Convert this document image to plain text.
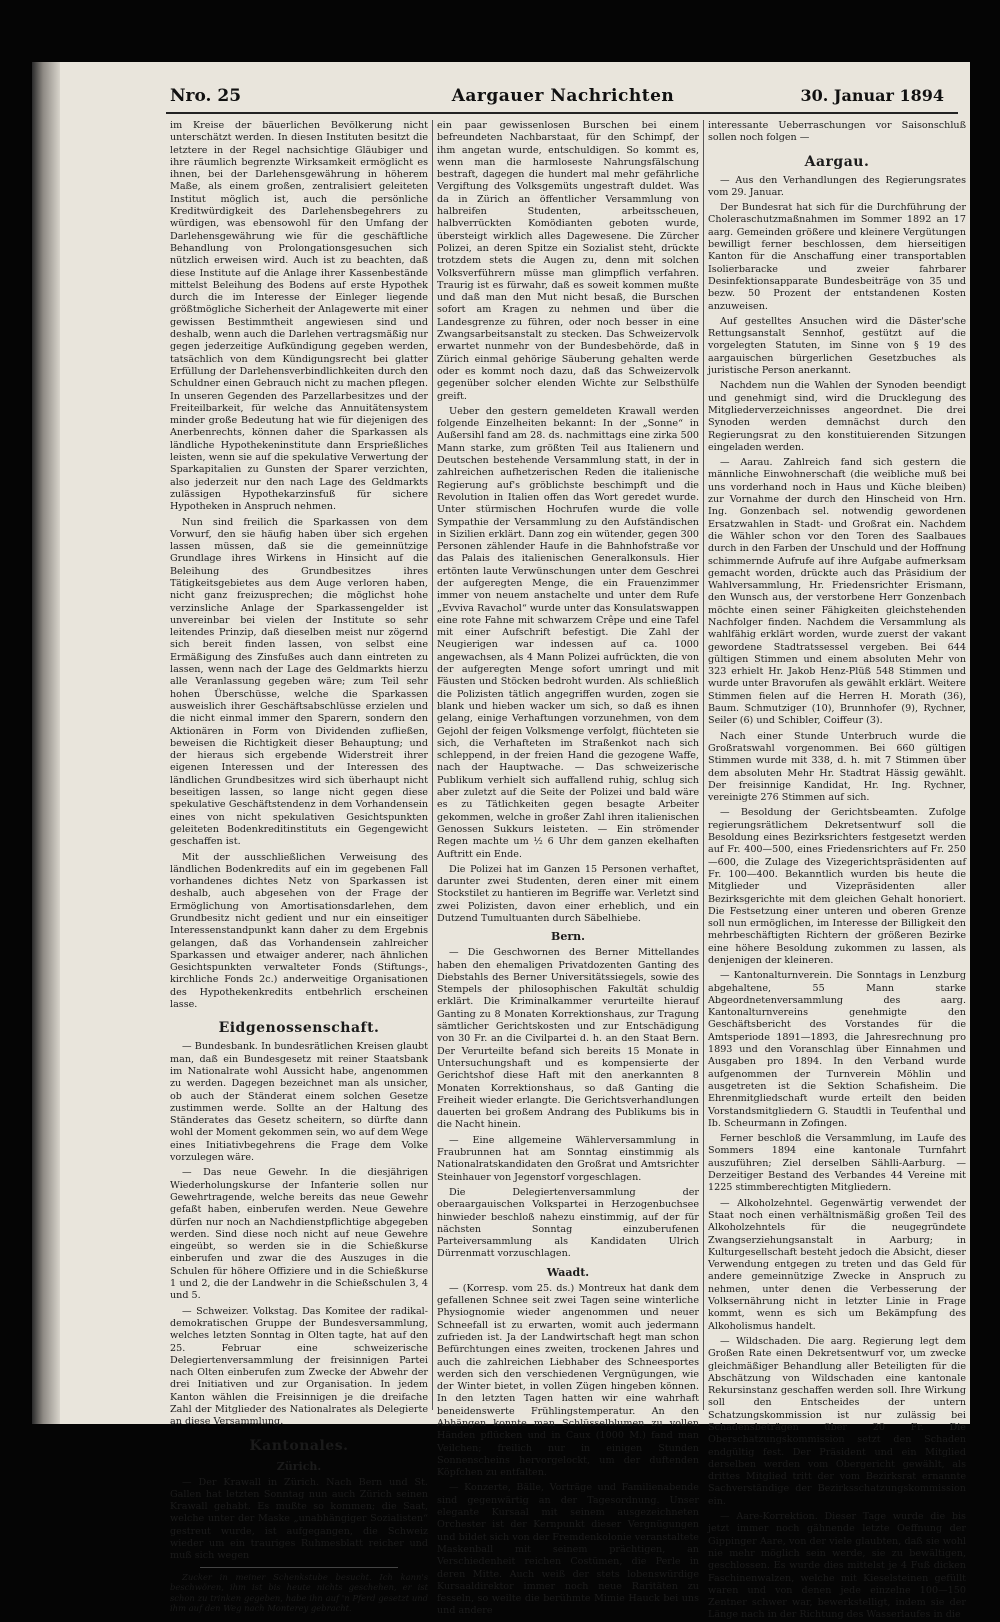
Nro. 25	Aargauer Nachrichten	30. Januar 1894

im Kreise der bäuerlichen Bevölkerung nicht unterschätzt werden. In diesen Instituten besitzt die letztere in der Regel nachsichtige Gläubiger und ihre räumlich begrenzte Wirksamkeit ermöglicht es ihnen, bei der Darlehensgewährung in höherem Maße, als einem großen, zentralisiert geleiteten Institut möglich ist, auch die persönliche Kreditwürdigkeit des Darlehensbegehrers zu würdigen, was ebensowohl für den Umfang der Darlehensgewährung wie für die geschäftliche Behandlung von Prolongationsgesuchen sich nützlich erweisen wird. Auch ist zu beachten, daß diese Institute auf die Anlage ihrer Kassenbestände mittelst Beleihung des Bodens auf erste Hypothek durch die im Interesse der Einleger liegende größtmögliche Sicherheit der Anlagewerte mit einer gewissen Bestimmtheit angewiesen sind und deshalb, wenn auch die Darlehen vertragsmäßig nur gegen jederzeitige Aufkündigung gegeben werden, tatsächlich von dem Kündigungsrecht bei glatter Erfüllung der Darlehensverbindlichkeiten durch den Schuldner einen Gebrauch nicht zu machen pflegen. In unseren Gegenden des Parzellarbesitzes und der Freiteilbarkeit, für welche das Annuitätensystem minder große Bedeutung hat wie für diejenigen des Anerbenrechts, können daher die Sparkassen als ländliche Hypothekeninstitute dann Ersprießliches leisten, wenn sie auf die spekulative Verwertung der Sparkapitalien zu Gunsten der Sparer verzichten, also jederzeit nur den nach Lage des Geldmarkts zulässigen Hypothekarzinsfuß für sichere Hypotheken in Anspruch nehmen.

Nun sind freilich die Sparkassen von dem Vorwurf, den sie häufig haben über sich ergehen lassen müssen, daß sie die gemeinnützige Grundlage ihres Wirkens in Hinsicht auf die Beleihung des Grundbesitzes ihres Tätigkeitsgebietes aus dem Auge verloren haben, nicht ganz freizusprechen; die möglichst hohe verzinsliche Anlage der Sparkassengelder ist unvereinbar bei vielen der Institute so sehr leitendes Prinzip, daß dieselben meist nur zögernd sich bereit finden lassen, von selbst eine Ermäßigung des Zinsfußes auch dann eintreten zu lassen, wenn nach der Lage des Geldmarkts hierzu alle Veranlassung gegeben wäre; zum Teil sehr hohen Überschüsse, welche die Sparkassen ausweislich ihrer Geschäftsabschlüsse erzielen und die nicht einmal immer den Sparern, sondern den Aktionären in Form von Dividenden zufließen, beweisen die Richtigkeit dieser Behauptung; und der hieraus sich ergebende Widerstreit ihrer eigenen Interessen und der Interessen des ländlichen Grundbesitzes wird sich überhaupt nicht beseitigen lassen, so lange nicht gegen diese spekulative Geschäftstendenz in dem Vorhandensein eines von nicht spekulativen Gesichtspunkten geleiteten Bodenkreditinstituts ein Gegengewicht geschaffen ist.

Mit der ausschließlichen Verweisung des ländlichen Bodenkredits auf ein im gegebenen Fall vorhandenes dichtes Netz von Sparkassen ist deshalb, auch abgesehen von der Frage der Ermöglichung von Amortisationsdarlehen, dem Grundbesitz nicht gedient und nur ein einseitiger Interessenstandpunkt kann daher zu dem Ergebnis gelangen, daß das Vorhandensein zahlreicher Sparkassen und etwaiger anderer, nach ähnlichen Gesichtspunkten verwalteter Fonds (Stiftungs-, kirchliche Fonds 2c.) anderweitige Organisationen des Hypothekenkredits entbehrlich erscheinen lasse.

Eidgenossenschaft.

— Bundesbank. In bundesrätlichen Kreisen glaubt man, daß ein Bundesgesetz mit reiner Staatsbank im Nationalrate wohl Aussicht habe, angenommen zu werden. Dagegen bezeichnet man als unsicher, ob auch der Ständerat einem solchen Gesetze zustimmen werde. Sollte an der Haltung des Ständerates das Gesetz scheitern, so dürfte dann wohl der Moment gekommen sein, wo auf dem Wege eines Initiativbegehrens die Frage dem Volke vorzulegen wäre.

— Das neue Gewehr. In die diesjährigen Wiederholungskurse der Infanterie sollen nur Gewehrtragende, welche bereits das neue Gewehr gefaßt haben, einberufen werden. Neue Gewehre dürfen nur noch an Nachdienstpflichtige abgegeben werden. Sind diese noch nicht auf neue Gewehre eingeübt, so werden sie in die Schießkurse einberufen und zwar die des Auszuges in die Schulen für höhere Offiziere und in die Schießkurse 1 und 2, die der Landwehr in die Schießschulen 3, 4 und 5.

— Schweizer. Volkstag. Das Komitee der radikal-demokratischen Gruppe der Bundesversammlung, welches letzten Sonntag in Olten tagte, hat auf den 25. Februar eine schweizerische Delegiertenversammlung der freisinnigen Partei nach Olten einberufen zum Zwecke der Abwehr der drei Initiativen und zur Organisation. In jedem Kanton wählen die Freisinnigen je die dreifache Zahl der Mitglieder des Nationalrates als Delegierte an diese Versammlung.

Kantonales.
Zürich.

— Der Krawall in Zürich. Nach Bern und St. Gallen hat letzten Sonntag nun auch Zürich seinen Krawall gehabt. Es mußte so kommen; die Saat, welche unter der Maske „unabhängiger Sozialisten“ gestreut wurde, ist aufgegangen, die Schweiz wieder um ein trauriges Ruhmesblatt reicher und muß sich wegen

Zucker in meiner Schenkstube besucht. Ich kann's beschwören, ihm ist bis heute nichts geschehen, er ist schon zu trinken gegeben, habe ihn auf 'n Pferd gesetzt und ihm auf den Weg nach Monterey gebracht.

ein paar gewissenlosen Burschen bei einem befreundeten Nachbarstaat, für den Schimpf, der ihm angetan wurde, entschuldigen. So kommt es, wenn man die harmloseste Nahrungsfälschung bestraft, dagegen die hundert mal mehr gefährliche Vergiftung des Volksgemüts ungestraft duldet. Was da in Zürich an öffentlicher Versammlung von halbreifen Studenten, arbeitsscheuen, halbverrückten Komödianten geboten wurde, übersteigt wirklich alles Dagewesene. Die Zürcher Polizei, an deren Spitze ein Sozialist steht, drückte trotzdem stets die Augen zu, denn mit solchen Volksverführern müsse man glimpflich verfahren. Traurig ist es fürwahr, daß es soweit kommen mußte und daß man den Mut nicht besaß, die Burschen sofort am Kragen zu nehmen und über die Landesgrenze zu führen, oder noch besser in eine Zwangsarbeitsanstalt zu stecken. Das Schweizervolk erwartet nunmehr von der Bundesbehörde, daß in Zürich einmal gehörige Säuberung gehalten werde oder es kommt noch dazu, daß das Schweizervolk gegenüber solcher elenden Wichte zur Selbsthülfe greift.

Ueber den gestern gemeldeten Krawall werden folgende Einzelheiten bekannt: In der „Sonne“ in Außersihl fand am 28. ds. nachmittags eine zirka 500 Mann starke, zum größten Teil aus Italienern und Deutschen bestehende Versammlung statt, in der in zahlreichen aufhetzerischen Reden die italienische Regierung auf's gröblichste beschimpft und die Revolution in Italien offen das Wort geredet wurde. Unter stürmischen Hochrufen wurde die volle Sympathie der Versammlung zu den Aufständischen in Sizilien erklärt. Dann zog ein wütender, gegen 300 Personen zählender Haufe in die Bahnhofstraße vor das Palais des italienischen Generalkonsuls. Hier ertönten laute Verwünschungen unter dem Geschrei der aufgeregten Menge, die ein Frauenzimmer immer von neuem anstachelte und unter dem Rufe „Evviva Ravachol“ wurde unter das Konsulatswappen eine rote Fahne mit schwarzem Crêpe und eine Tafel mit einer Aufschrift befestigt. Die Zahl der Neugierigen war indessen auf ca. 1000 angewachsen, als 4 Mann Polizei aufrückten, die von der aufgeregten Menge sofort umringt und mit Fäusten und Stöcken bedroht wurden. Als schließlich die Polizisten tätlich angegriffen wurden, zogen sie blank und hieben wacker um sich, so daß es ihnen gelang, einige Verhaftungen vorzunehmen, von dem Gejohl der feigen Volksmenge verfolgt, flüchteten sie sich, die Verhafteten im Straßenkot nach sich schleppend, in der freien Hand die gezogene Waffe, nach der Hauptwache. — Das schweizerische Publikum verhielt sich auffallend ruhig, schlug sich aber zuletzt auf die Seite der Polizei und bald wäre es zu Tätlichkeiten gegen besagte Arbeiter gekommen, welche in großer Zahl ihren italienischen Genossen Sukkurs leisteten. — Ein strömender Regen machte um ½ 6 Uhr dem ganzen ekelhaften Auftritt ein Ende.

Die Polizei hat im Ganzen 15 Personen verhaftet, darunter zwei Studenten, deren einer mit einem Stockstilet zu hantieren im Begriffe war. Verletzt sind zwei Polizisten, davon einer erheblich, und ein Dutzend Tumultuanten durch Säbelhiebe.

Bern.

— Die Geschwornen des Berner Mittellandes haben den ehemaligen Privatdozenten Ganting des Diebstahls des Berner Universitätssiegels, sowie des Stempels der philosophischen Fakultät schuldig erklärt. Die Kriminalkammer verurteilte hierauf Ganting zu 8 Monaten Korrektionshaus, zur Tragung sämtlicher Gerichtskosten und zur Entschädigung von 30 Fr. an die Civilpartei d. h. an den Staat Bern. Der Verurteilte befand sich bereits 15 Monate in Untersuchungshaft und es kompensierte der Gerichtshof diese Haft mit den anerkannten 8 Monaten Korrektionshaus, so daß Ganting die Freiheit wieder erlangte. Die Gerichtsverhandlungen dauerten bei großem Andrang des Publikums bis in die Nacht hinein.

— Eine allgemeine Wählerversammlung in Fraubrunnen hat am Sonntag einstimmig als Nationalratskandidaten den Großrat und Amtsrichter Steinhauer von Jegenstorf vorgeschlagen.

Die Delegiertenversammlung der oberaargauischen Volkspartei in Herzogenbuchsee hinwieder beschloß nahezu einstimmig, auf der für nächsten Sonntag einzuberufenen Parteiversammlung als Kandidaten Ulrich Dürrenmatt vorzuschlagen.

Waadt.

— (Korresp. vom 25. ds.) Montreux hat dank dem gefallenen Schnee seit zwei Tagen seine winterliche Physiognomie wieder angenommen und neuer Schneefall ist zu erwarten, womit auch jedermann zufrieden ist. Ja der Landwirtschaft hegt man schon Befürchtungen eines zweiten, trockenen Jahres und auch die zahlreichen Liebhaber des Schneesportes werden sich den verschiedenen Vergnügungen, wie der Winter bietet, in vollen Zügen hingeben können. In den letzten Tagen hatten wir eine wahrhaft beneidenswerte Frühlingstemperatur. An den Abhängen konnte man Schlüsselblumen zu vollen Händen pflücken und in Caux (1000 M.) fand man Veilchen; freilich nur in einigen Stunden Sonnenscheins hervorgelockt, um der duftenden Köpfchen zu entfalten.

— Konzerte, Bälle, Vorträge und Familienabende sind gegenwärtig an der Tagesordnung. Unser elegante Kursaal mit seinem ausgezeichneten Orchester ist der Kernpunkt dieser Vergnügungen und bildet sich von der Fremdenkolonie veranstaltete Maskenball mit seinem prächtigen, an Verschiedenheit reichen Costümen, die Perle in deren Mitte. Auch weiß der stets lobenswürdige Kursaaldirektor immer noch neue Raritäten zu fesseln, so weilte die berühmte Mimie Hauck bei uns und andere

interessante Ueberraschungen vor Saisonschluß sollen noch folgen —

Aargau.

— Aus den Verhandlungen des Regierungsrates vom 29. Januar.

Der Bundesrat hat sich für die Durchführung der Choleraschutzmaßnahmen im Sommer 1892 an 17 aarg. Gemeinden größere und kleinere Vergütungen bewilligt ferner beschlossen, dem hierseitigen Kanton für die Anschaffung einer transportablen Isolierbaracke und zweier fahrbarer Desinfektionsapparate Bundesbeiträge von 35 und bezw. 50 Prozent der entstandenen Kosten anzuweisen.

Auf gestelltes Ansuchen wird die Däster'sche Rettungsanstalt Sennhof, gestützt auf die vorgelegten Statuten, im Sinne von § 19 des aargauischen bürgerlichen Gesetzbuches als juristische Person anerkannt.

Nachdem nun die Wahlen der Synoden beendigt und genehmigt sind, wird die Drucklegung des Mitgliederverzeichnisses angeordnet. Die drei Synoden werden demnächst durch den Regierungsrat zu den konstituierenden Sitzungen eingeladen werden.

— Aarau. Zahlreich fand sich gestern die männliche Einwohnerschaft (die weibliche muß bei uns vorderhand noch in Haus und Küche bleiben) zur Vornahme der durch den Hinscheid von Hrn. Ing. Gonzenbach sel. notwendig gewordenen Ersatzwahlen in Stadt- und Großrat ein. Nachdem die Wähler schon vor den Toren des Saalbaues durch in den Farben der Unschuld und der Hoffnung schimmernde Aufrufe auf ihre Aufgabe aufmerksam gemacht worden, drückte auch das Präsidium der Wahlversammlung, Hr. Friedensrichter Erismann, den Wunsch aus, der verstorbene Herr Gonzenbach möchte einen seiner Fähigkeiten gleichstehenden Nachfolger finden. Nachdem die Versammlung als wahlfähig erklärt worden, wurde zuerst der vakant gewordene Stadtratssessel vergeben. Bei 644 gültigen Stimmen und einem absoluten Mehr von 323 erhielt Hr. Jakob Henz-Plüß 548 Stimmen und wurde unter Bravorufen als gewählt erklärt. Weitere Stimmen fielen auf die Herren H. Morath (36), Baum. Schmutziger (10), Brunnhofer (9), Rychner, Seiler (6) und Schibler, Coiffeur (3).

Nach einer Stunde Unterbruch wurde die Großratswahl vorgenommen. Bei 660 gültigen Stimmen wurde mit 338, d. h. mit 7 Stimmen über dem absoluten Mehr Hr. Stadtrat Hässig gewählt. Der freisinnige Kandidat, Hr. Ing. Rychner, vereinigte 276 Stimmen auf sich.

— Besoldung der Gerichtsbeamten. Zufolge regierungsrätlichem Dekretsentwurf soll die Besoldung eines Bezirksrichters festgesetzt werden auf Fr. 400—500, eines Friedensrichters auf Fr. 250—600, die Zulage des Vizegerichtspräsidenten auf Fr. 100—400. Bekanntlich wurden bis heute die Mitglieder und Vizepräsidenten aller Bezirksgerichte mit dem gleichen Gehalt honoriert. Die Festsetzung einer unteren und oberen Grenze soll nun ermöglichen, im Interesse der Billigkeit den mehrbeschäftigten Richtern der größeren Bezirke eine höhere Besoldung zukommen zu lassen, als denjenigen der kleineren.

— Kantonalturnverein. Die Sonntags in Lenzburg abgehaltene, 55 Mann starke Abgeordnetenversammlung des aarg. Kantonalturnvereins genehmigte den Geschäftsbericht des Vorstandes für die Amtsperiode 1891—1893, die Jahresrechnung pro 1893 und den Voranschlag über Einnahmen und Ausgaben pro 1894. In den Verband wurde aufgenommen der Turnverein Möhlin und ausgetreten ist die Sektion Schafisheim. Die Ehrenmitgliedschaft wurde erteilt den beiden Vorstandsmitgliedern G. Staudtli in Teufenthal und Ib. Scheurmann in Zofingen.

Ferner beschloß die Versammlung, im Laufe des Sommers 1894 eine kantonale Turnfahrt auszuführen; Ziel derselben Sählli-Aarburg. — Derzeitiger Bestand des Verbandes 44 Vereine mit 1225 stimmberechtigten Mitgliedern.

— Alkoholzehntel. Gegenwärtig verwendet der Staat noch einen verhältnismäßig großen Teil des Alkoholzehntels für die neugegründete Zwangserziehungsanstalt in Aarburg; in Kulturgesellschaft besteht jedoch die Absicht, dieser Verwendung entgegen zu treten und das Geld für andere gemeinnützige Zwecke in Anspruch zu nehmen, unter denen die Verbesserung der Volksernährung nicht in letzter Linie in Frage kommt, wenn es sich um Bekämpfung des Alkoholismus handelt.

— Wildschaden. Die aarg. Regierung legt dem Großen Rate einen Dekretsentwurf vor, um zwecke gleichmäßiger Behandlung aller Beteiligten für die Abschätzung von Wildschaden eine kantonale Rekursinstanz geschaffen werden soll. Ihre Wirkung soll den Entscheides der untern Schatzungskommission ist nur zulässig bei Schadensbeträgen über 20 Fr. Die Oberschatzungskommission setzt den Schaden endgültig fest. Der Präsident und ein Mitglied derselben werden vom Obergericht gewählt, als drittes Mitglied tritt der vom Bezirksrat ernannte Sachverständige der Bezirksschatzungskommission ein.

— Aare-Korrektion. Dieser Tage wurde die bis jetzt immer noch gähnende letzte Oeffnung der Gippinger Aare, von der viele glaubten, daß sie wohl nie mehr möglich sein werde, sie zu bewältigen, geschlossen. Es wurde dies mittelst je 4 Fuß dicken Faschinenwalzen, welche mit Kieselsteinen gefüllt waren und von denen jede einzelne 100—150 Zentner schwer war, bewerkstelligt, indem sie der Länge nach in der Richtung des Wasserlaufes in die
